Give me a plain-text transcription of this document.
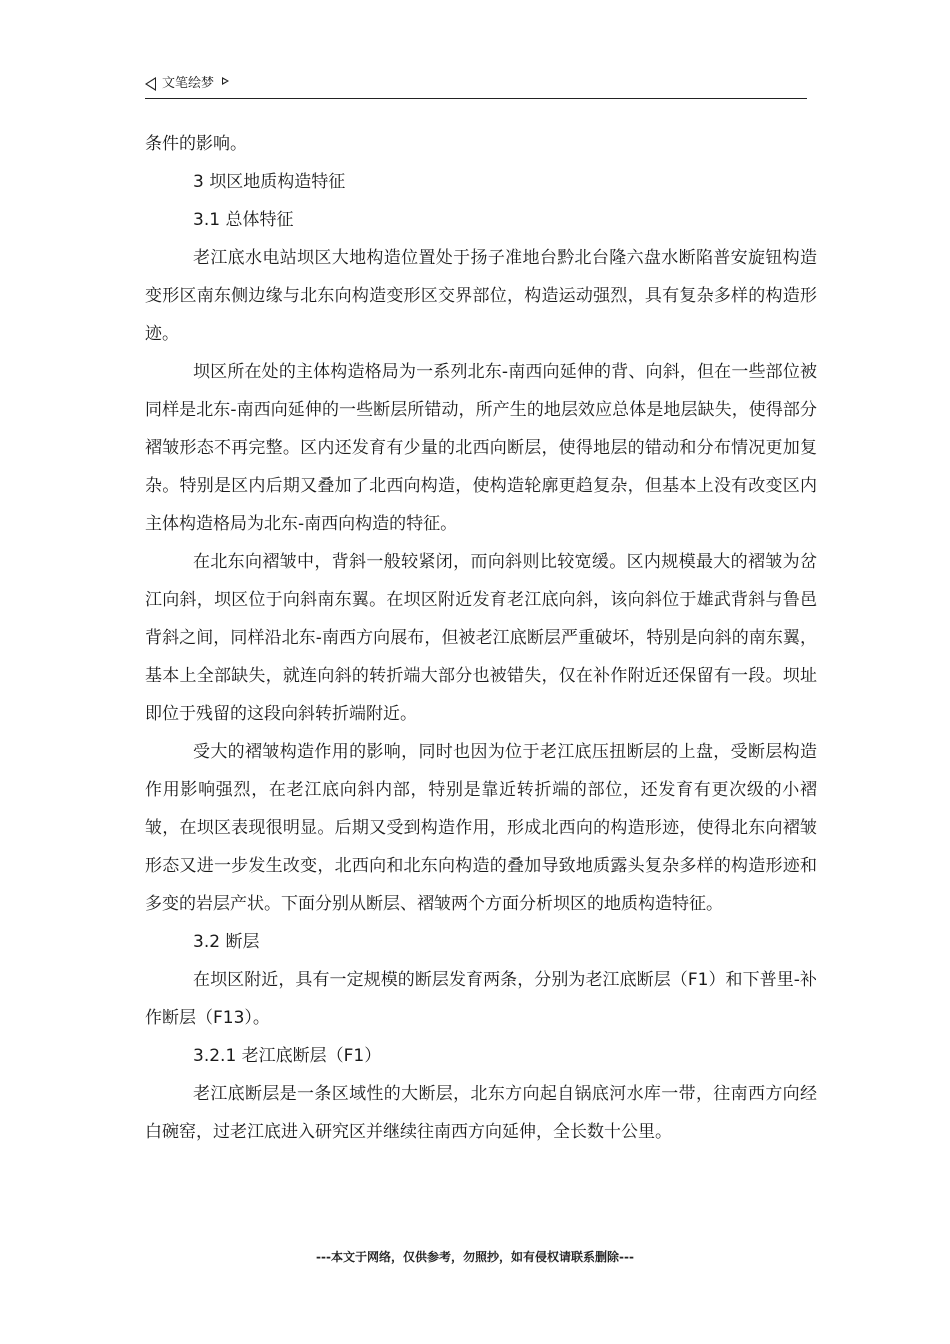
文笔绘梦

条件的影响。

3 坝区地质构造特征

3.1 总体特征

老江底水电站坝区大地构造位置处于扬子准地台黔北台隆六盘水断陷普安旋钮构造变形区南东侧边缘与北东向构造变形区交界部位，构造运动强烈，具有复杂多样的构造形迹。

坝区所在处的主体构造格局为一系列北东-南西向延伸的背、向斜，但在一些部位被同样是北东-南西向延伸的一些断层所错动，所产生的地层效应总体是地层缺失，使得部分褶皱形态不再完整。区内还发育有少量的北西向断层，使得地层的错动和分布情况更加复杂。特别是区内后期又叠加了北西向构造，使构造轮廓更趋复杂，但基本上没有改变区内主体构造格局为北东-南西向构造的特征。

在北东向褶皱中，背斜一般较紧闭，而向斜则比较宽缓。区内规模最大的褶皱为岔江向斜，坝区位于向斜南东翼。在坝区附近发育老江底向斜，该向斜位于雄武背斜与鲁邑背斜之间，同样沿北东-南西方向展布，但被老江底断层严重破坏，特别是向斜的南东翼，基本上全部缺失，就连向斜的转折端大部分也被错失，仅在补作附近还保留有一段。坝址即位于残留的这段向斜转折端附近。

受大的褶皱构造作用的影响，同时也因为位于老江底压扭断层的上盘，受断层构造作用影响强烈，在老江底向斜内部，特别是靠近转折端的部位，还发育有更次级的小褶皱，在坝区表现很明显。后期又受到构造作用，形成北西向的构造形迹，使得北东向褶皱形态又进一步发生改变，北西向和北东向构造的叠加导致地质露头复杂多样的构造形迹和多变的岩层产状。下面分别从断层、褶皱两个方面分析坝区的地质构造特征。

3.2 断层

在坝区附近，具有一定规模的断层发育两条，分别为老江底断层（F1）和下普里-补作断层（F13）。

3.2.1 老江底断层（F1）

老江底断层是一条区域性的大断层，北东方向起自锅底河水库一带，往南西方向经白碗窑，过老江底进入研究区并继续往南西方向延伸，全长数十公里。

---本文于网络，仅供参考，勿照抄，如有侵权请联系删除---
